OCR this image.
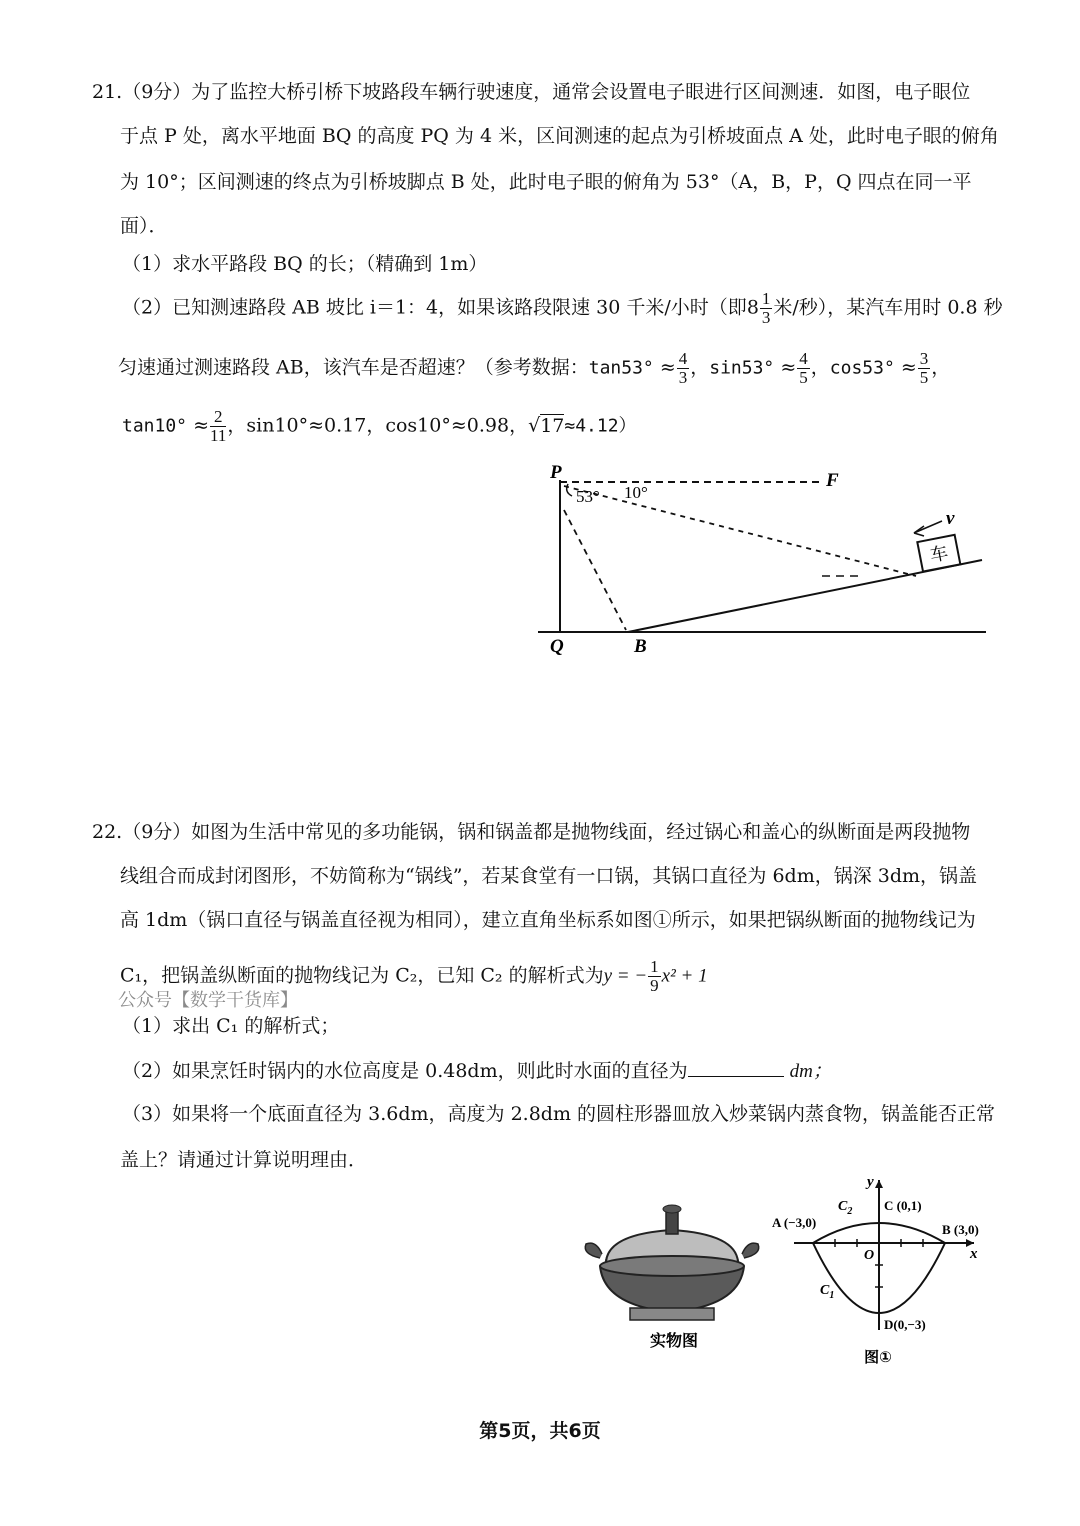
21.（9分）为了监控大桥引桥下坡路段车辆行驶速度，通常会设置电子眼进行区间测速．如图，电子眼位
于点 P 处，离水平地面 BQ 的高度 PQ 为 4 米，区间测速的起点为引桥坡面点 A 处，此时电子眼的俯角
为 10°；区间测速的终点为引桥坡脚点 B 处，此时电子眼的俯角为 53°（A，B，P，Q 四点在同一平
面）．
（1）求水平路段 BQ 的长；（精确到 1m）
（2）已知测速路段 AB 坡比 i＝1：4，如果该路段限速 30 千米/小时（即$8 \frac{1}{3}$ 米/秒），某汽车用时 0.8 秒
匀速通过测速路段 AB，该汽车是否超速？（参考数据：$\tan 53^\circ \approx \frac{4}{3}$ ，$\sin 53^\circ \approx \frac{4}{5}$ ，$\cos 53^\circ \approx \frac{3}{5}$ ，
$\tan 10^\circ \approx \frac{2}{11}$ ，sin10°≈0.17，cos10°≈0.98，√17≈4.12）
车
v
P	F
Q	B
53° 10°
22.（9分）如图为生活中常见的多功能锅，锅和锅盖都是抛物线面，经过锅心和盖心的纵断面是两段抛物
线组合而成封闭图形，不妨简称为“锅线”，若某食堂有一口锅，其锅口直径为 6dm，锅深 3dm，锅盖
高 1dm（锅口直径与锅盖直径视为相同），建立直角坐标系如图①所示，如果把锅纵断面的抛物线记为
C₁，把锅盖纵断面的抛物线记为 C₂，已知 C₂ 的解析式为y = − $\frac{1}{9} x^2 + 1$
公众号【数学干货库】
（1）求出 C₁ 的解析式；
（2）如果烹饪时锅内的水位高度是 0.48dm，则此时水面的直径为	dm；
（3）如果将一个底面直径为 3.6dm，高度为 2.8dm 的圆柱形器皿放入炒菜锅内蒸食物，锅盖能否正常
盖上？请通过计算说明理由．
实物图
y
x
O
A (−3,0)	B (3,0)
C (0,1)
D(0,−3)
$C_2$
$C_1$
图①
第5页，共6页
